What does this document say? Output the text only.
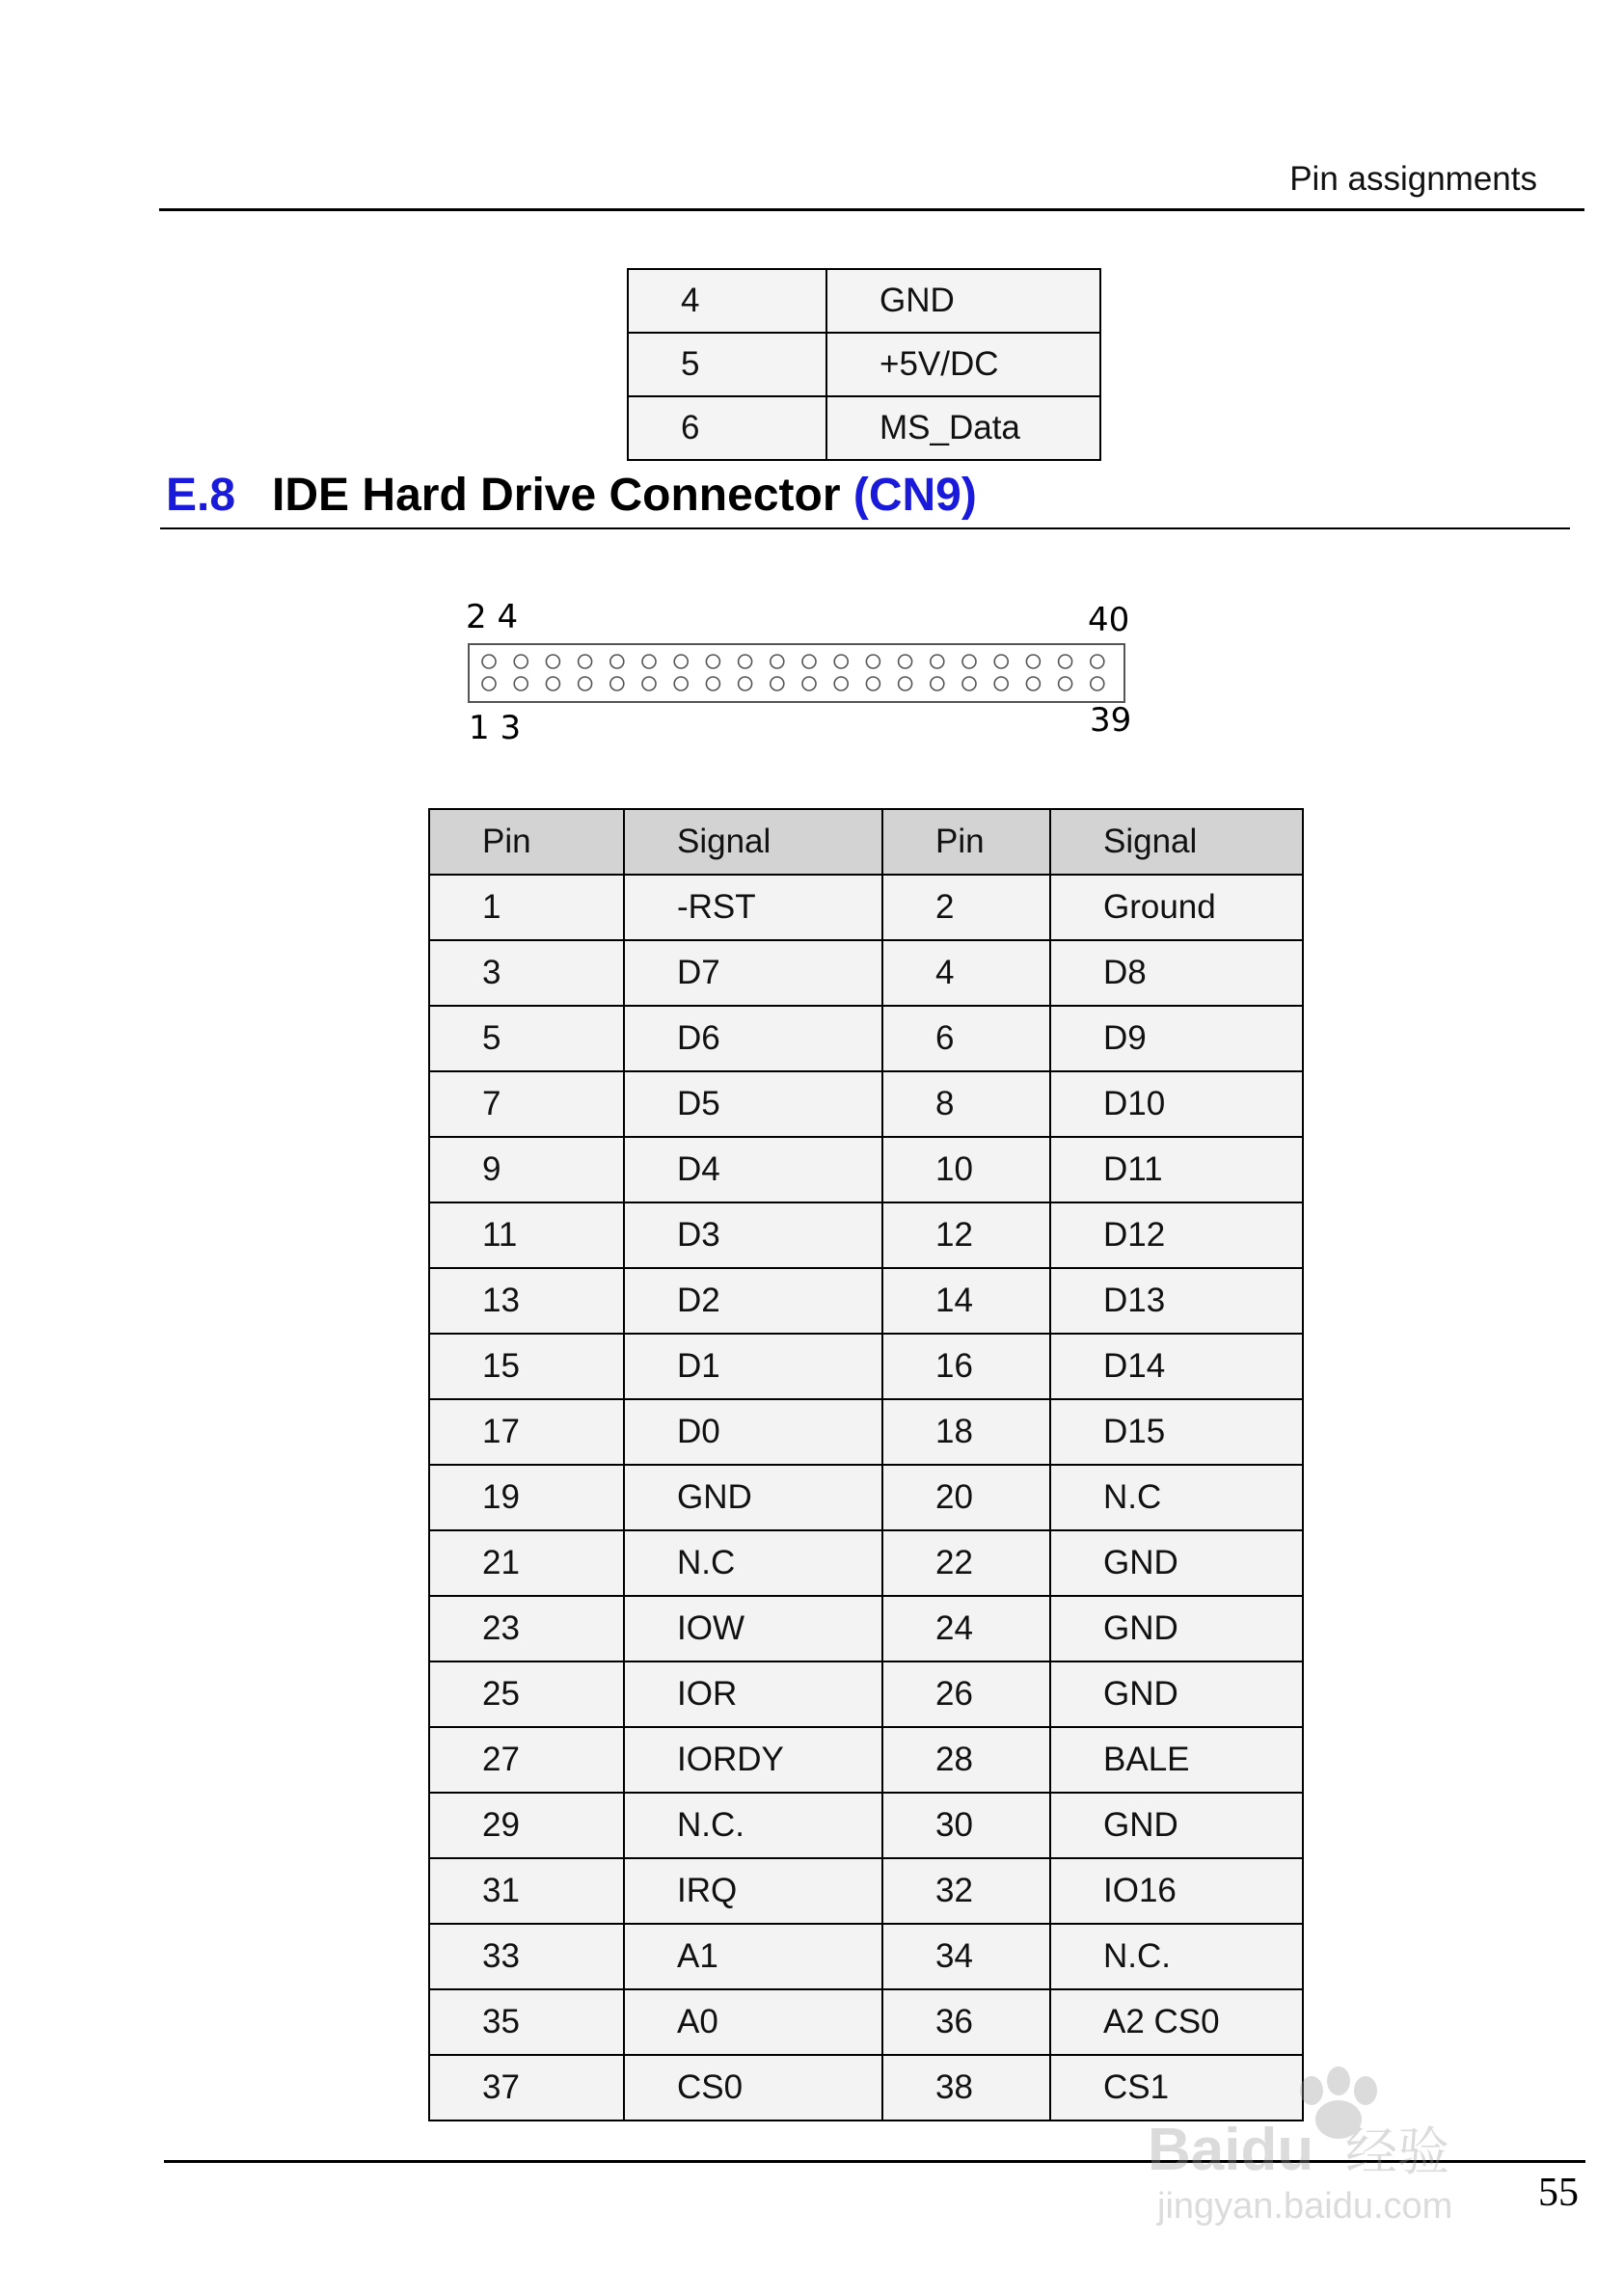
Pin assignments
4	GND
5	+5V/DC
6	MS_Data
E.8 IDE Hard Drive Connector (CN9)
2 4	40
1 3	39
Pin	Signal	Pin	Signal
1	-RST	2	Ground
3	D7	4	D8
5	D6	6	D9
7	D5	8	D10
9	D4	10	D11
11	D3	12	D12
13	D2	14	D13
15	D1	16	D14
17	D0	18	D15
19	GND	20	N.C
21	N.C	22	GND
23	IOW	24	GND
25	IOR	26	GND
27	IORDY	28	BALE
29	N.C.	30	GND
31	IRQ	32	IO16
33	A1	34	N.C.
35	A0	36	A2 CS0
37	CS0	38	CS1
55
Baidu 经验
jingyan.baidu.com
